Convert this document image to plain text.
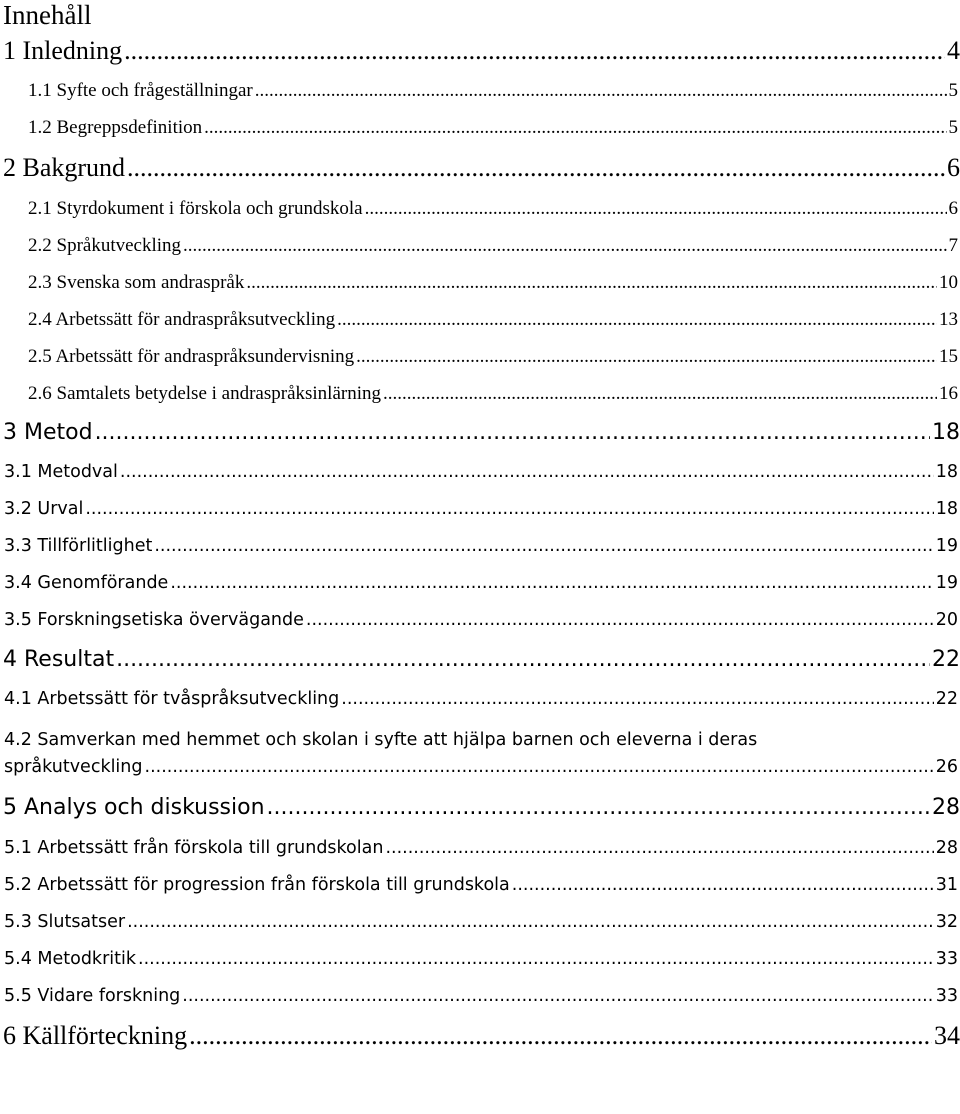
Innehåll
1 Inledning .....	4
1.1 Syfte och frågeställningar .....	5
1.2 Begreppsdefinition .....	5
2 Bakgrund .....	6
2.1 Styrdokument i förskola och grundskola .....	6
2.2 Språkutveckling .....	7
2.3 Svenska som andraspråk .....	10
2.4 Arbetssätt för andraspråksutveckling .....	13
2.5 Arbetssätt för andraspråksundervisning .....	15
2.6 Samtalets betydelse i andraspråksinlärning .....	16
3 Metod .....	18
3.1 Metodval .....	18
3.2 Urval .....	18
3.3 Tillförlitlighet .....	19
3.4 Genomförande .....	19
3.5 Forskningsetiska övervägande .....	20
4 Resultat .....	22
4.1 Arbetssätt för tvåspråksutveckling .....	22
4.2 Samverkan med hemmet och skolan i syfte att hjälpa barnen och eleverna i deras
språkutveckling .....	26
5 Analys och diskussion .....	28
5.1 Arbetssätt från förskola till grundskolan .....	28
5.2 Arbetssätt för progression från förskola till grundskola .....	31
5.3 Slutsatser .....	32
5.4 Metodkritik .....	33
5.5 Vidare forskning .....	33
6 Källförteckning .....	34
